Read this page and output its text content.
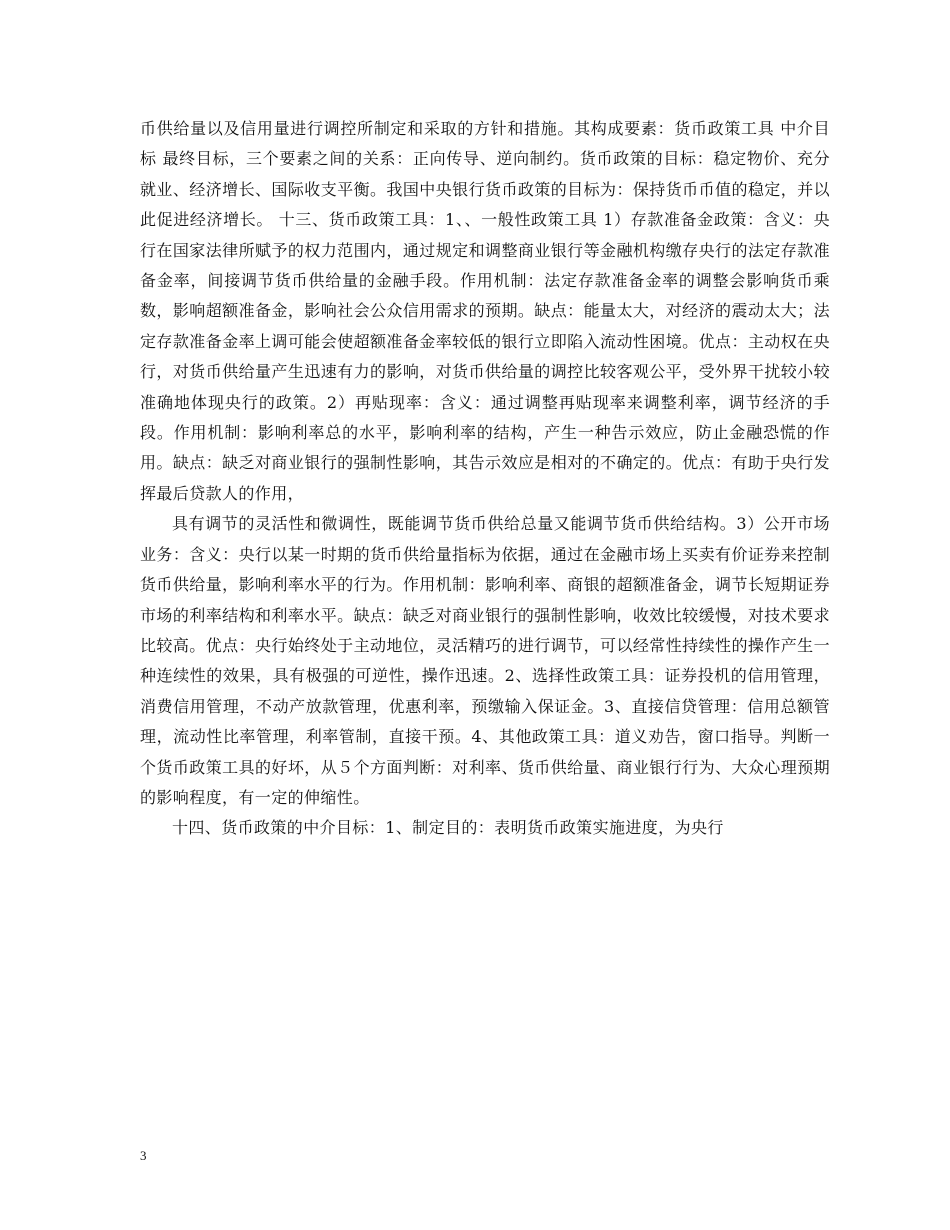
币供给量以及信用量进行调控所制定和采取的方针和措施。其构成要素：货币政策工具 中介目标 最终目标，三个要素之间的关系：正向传导、逆向制约。货币政策的目标：稳定物价、充分就业、经济增长、国际收支平衡。我国中央银行货币政策的目标为：保持货币币值的稳定，并以此促进经济增长。 十三、货币政策工具：1、、一般性政策工具 1）存款准备金政策：含义：央行在国家法律所赋予的权力范围内，通过规定和调整商业银行等金融机构缴存央行的法定存款准备金率，间接调节货币供给量的金融手段。作用机制：法定存款准备金率的调整会影响货币乘数，影响超额准备金，影响社会公众信用需求的预期。缺点：能量太大，对经济的震动太大；法定存款准备金率上调可能会使超额准备金率较低的银行立即陷入流动性困境。优点：主动权在央行，对货币供给量产生迅速有力的影响，对货币供给量的调控比较客观公平，受外界干扰较小较准确地体现央行的政策。2）再贴现率：含义：通过调整再贴现率来调整利率，调节经济的手段。作用机制：影响利率总的水平，影响利率的结构，产生一种告示效应，防止金融恐慌的作用。缺点：缺乏对商业银行的强制性影响，其告示效应是相对的不确定的。优点：有助于央行发挥最后贷款人的作用，

具有调节的灵活性和微调性，既能调节货币供给总量又能调节货币供给结构。3）公开市场业务：含义：央行以某一时期的货币供给量指标为依据，通过在金融市场上买卖有价证券来控制货币供给量，影响利率水平的行为。作用机制：影响利率、商银的超额准备金，调节长短期证券市场的利率结构和利率水平。缺点：缺乏对商业银行的强制性影响，收效比较缓慢，对技术要求比较高。优点：央行始终处于主动地位，灵活精巧的进行调节，可以经常性持续性的操作产生一种连续性的效果，具有极强的可逆性，操作迅速。2、选择性政策工具：证券投机的信用管理，消费信用管理，不动产放款管理，优惠利率，预缴输入保证金。3、直接信贷管理：信用总额管理，流动性比率管理，利率管制，直接干预。4、其他政策工具：道义劝告，窗口指导。判断一个货币政策工具的好坏，从５个方面判断：对利率、货币供给量、商业银行行为、大众心理预期的影响程度，有一定的伸缩性。

十四、货币政策的中介目标：1、制定目的：表明货币政策实施进度，为央行

3
